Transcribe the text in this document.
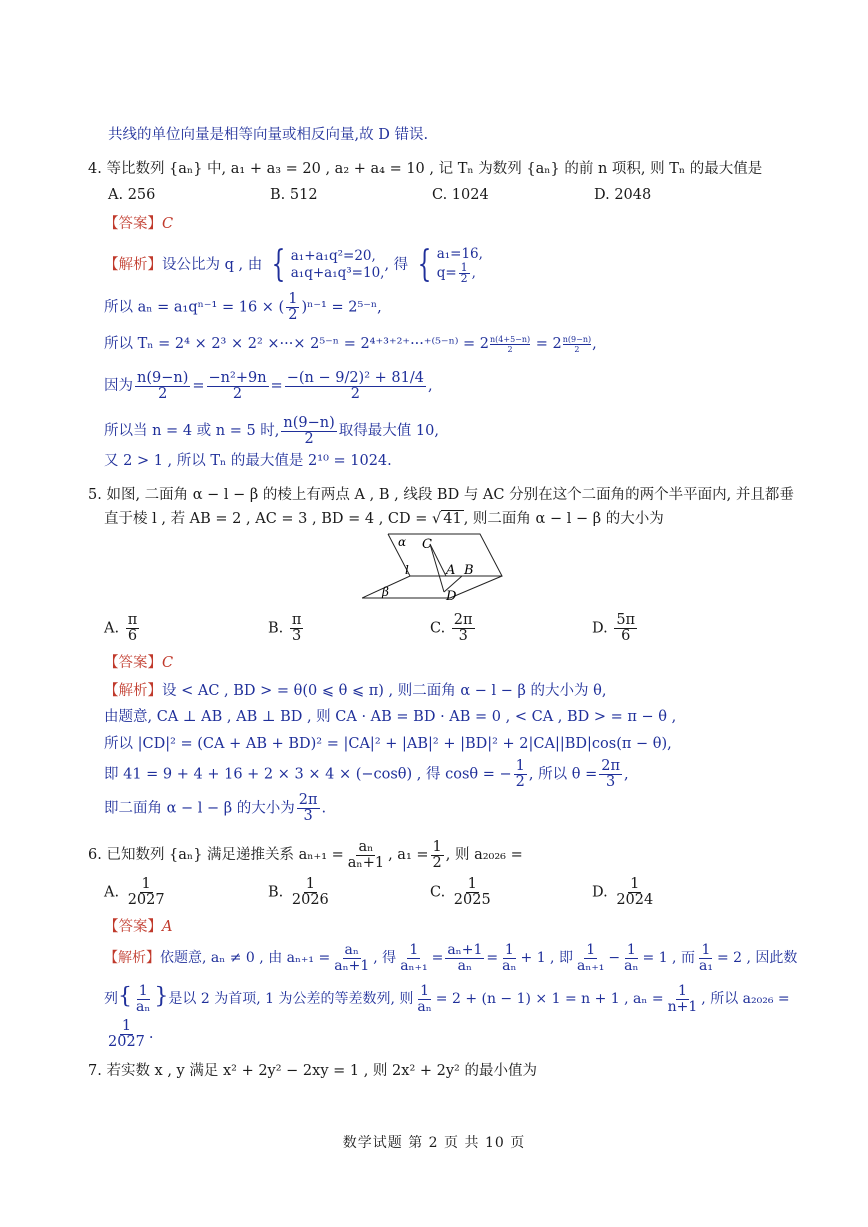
共线的单位向量是相等向量或相反向量,故 D 错误.
4. 等比数列 {aₙ} 中, a₁ + a₃ = 20 , a₂ + a₄ = 10 , 记 Tₙ 为数列 {aₙ} 的前 n 项积, 则 Tₙ 的最大值是
A. 256	B. 512	C. 1024	D. 2048
【答案】C
【解析】设公比为 q , 由 { a₁+a₁q²=20,
a₁q+a₁q³=10, , 得 { a₁=16,
$q= \frac{1}{2}$ ,
所以 aₙ = a₁qⁿ⁻¹ = 16 × ( $\frac{1}{2} )^{n-1} = 2^{5-n}$,
所以 Tₙ = 2⁴ × 2³ × 2² ×···× $2^{5-n} = 2^{4+3+2+}\cdot\cdot\cdot^{+(5-n)} = 2 \frac{n(4+5-n)}{2} = 2 \frac{n(9-n)}{2}$ ,
因为 $\frac{n(9-n)}{2} = \frac{\text{−n²+9n}}{2} = \frac{\text{−(n − 9/2)² + 81/4}}{2}$ ,
所以当 n = 4 或 n = 5 时, $\frac{n(9-n)}{2}$ 取得最大值 10,
又 2 > 1 , 所以 Tₙ 的最大值是 2¹⁰ = 1024.
5. 如图, 二面角 α − l − β 的棱上有两点 A , B , 线段 BD 与 AC 分别在这个二面角的两个半平面内, 并且都垂
直于棱 l , 若 AB = 2 , AC = 3 , BD = 4 , CD = √ 41 , 则二面角 α − l − β 的大小为
α C
l	A B
β	D
A. $\frac{\pi}{6}$	B. $\frac{\pi}{3}$	C. $\frac{2\pi}{3}$	D. $\frac{5\pi}{6}$
【答案】C
【解析】设 < AC , BD > = θ(0 ⩽ θ ⩽ π) , 则二面角 α − l − β 的大小为 θ,
由题意, CA ⊥ AB , AB ⊥ BD , 则 CA · AB = BD · AB = 0 , < CA , BD > = π − θ ,
所以 |CD|² = (CA + AB + BD)² = |CA|² + |AB|² + |BD|² + 2|CA||BD|cos(π − θ),
即 41 = 9 + 4 + 16 + 2 × 3 × 4 × (−cosθ) , 得 cosθ = − $\frac{1}{2}$ , 所以 $\theta = \frac{2\pi}{3}$ ,
即二面角 α − l − β 的大小为 $\frac{2\pi}{3}$ .
6. 已知数列 {aₙ} 满足递推关系 $a_{n+1} = \frac{\text{aₙ}}{\text{aₙ+1}}$ , $a_1 = \frac{1}{2}$ , 则 a₂₀₂₆ =
A. $\frac{1}{2027}$	B. $\frac{1}{2026}$	C. $\frac{1}{2025}$	D. $\frac{1}{2024}$
【答案】A
【解析】依题意, aₙ ≠ 0 , 由 $a_{n+1} = \frac{\text{aₙ}}{\text{aₙ+1}}$ , 得 $\frac{1}{\text{aₙ₊₁}} = \frac{\text{aₙ+1}}{\text{aₙ}} = \frac{1}{\text{aₙ}} + 1$ , 即 $\frac{1}{\text{aₙ₊₁}} - \frac{1}{\text{aₙ}} = 1$ , 而 $\frac{1}{\text{a₁}} = 2$ , 因此数
列{ $\frac{1}{\text{aₙ}}$ }是以 2 为首项, 1 为公差的等差数列, 则 $\frac{1}{\text{aₙ}} = 2 + (n - 1) \times 1 = n + 1$ , $a_n = \frac{1}{n+1}$ , 所以 a₂₀₂₆ =
$\frac{1}{2027}$ .
7. 若实数 x , y 满足 x² + 2y² − 2xy = 1 , 则 2x² + 2y² 的最小值为
数学试题 第 2 页 共 10 页
